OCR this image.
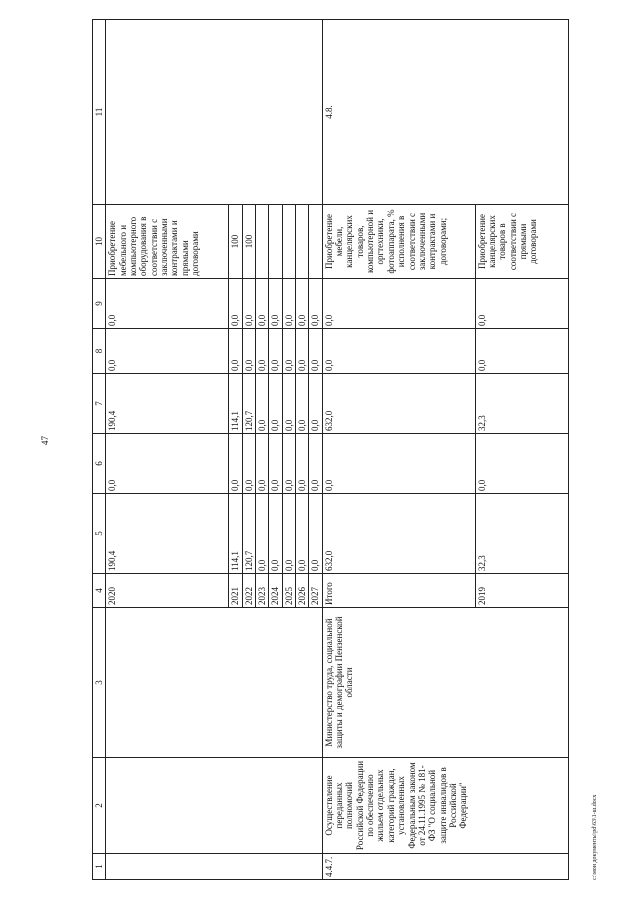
47
c:\мои документы\pd\63\1-ш.docx
1	2	3	4	5	6	7	8	9	10	11
			2020	190,4	0,0	190,4	0,0	0,0	Приобретение мебельного и компьютерного оборудования в соответствии с заключенными контрактами и прямыми договорами	
			2021	114,1	0,0	114,1	0,0	0,0	100	
			2022	120,7	0,0	120,7	0,0	0,0	100	
			2023	0,0	0,0	0,0	0,0	0,0		
			2024	0,0	0,0	0,0	0,0	0,0		
			2025	0,0	0,0	0,0	0,0	0,0		
			2026	0,0	0,0	0,0	0,0	0,0		
			2027	0,0	0,0	0,0	0,0	0,0		
4.4.7.	Осуществление переданных полномочий Российской Федерации по обеспечению жильем отдельных категорий граждан, установленных Федеральным законом от 24.11.1995 № 181-ФЗ "О социальной защите инвалидов в Российской Федерации"	Министерство труда, социальной защиты и демографии Пензенской области	Итого	632,0	0,0	632,0	0,0	0,0	Приобретение мебели, канцелярских товаров, компьютерной и оргтехники, фотоаппарата, % исполнения в соответствии с заключенными контрактами и договорами;	4.8.
			2019	32,3	0,0	32,3	0,0	0,0	Приобретение канцелярских товаров в соответствии с прямыми договорами	
